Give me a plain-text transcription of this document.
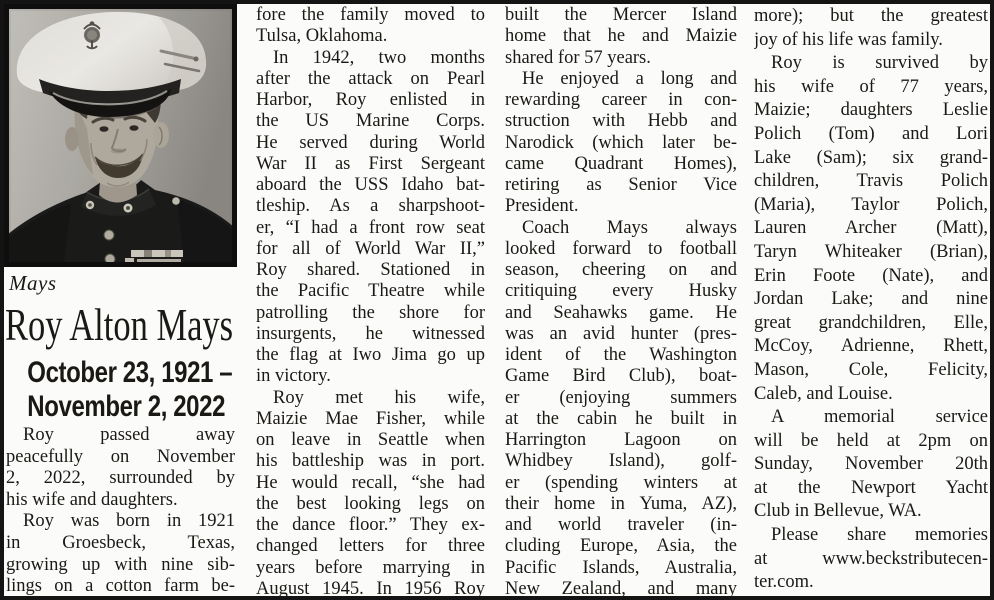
Mays
Roy Alton Mays
October 23, 1921 –
November 2, 2022
Roy passed away
peacefully on November
2, 2022, surrounded by
his wife and daughters.
Roy was born in 1921
in Groesbeck, Texas,
growing up with nine sib-
lings on a cotton farm be-
fore the family moved to
Tulsa, Oklahoma.
In 1942, two months
after the attack on Pearl
Harbor, Roy enlisted in
the US Marine Corps.
He served during World
War II as First Sergeant
aboard the USS Idaho bat-
tleship. As a sharpshoot-
er, “I had a front row seat
for all of World War II,”
Roy shared. Stationed in
the Pacific Theatre while
patrolling the shore for
insurgents, he witnessed
the flag at Iwo Jima go up
in victory.
Roy met his wife,
Maizie Mae Fisher, while
on leave in Seattle when
his battleship was in port.
He would recall, “she had
the best looking legs on
the dance floor.” They ex-
changed letters for three
years before marrying in
August 1945. In 1956 Roy
built the Mercer Island
home that he and Maizie
shared for 57 years.
He enjoyed a long and
rewarding career in con-
struction with Hebb and
Narodick (which later be-
came Quadrant Homes),
retiring as Senior Vice
President.
Coach Mays always
looked forward to football
season, cheering on and
critiquing every Husky
and Seahawks game. He
was an avid hunter (pres-
ident of the Washington
Game Bird Club), boat-
er (enjoying summers
at the cabin he built in
Harrington Lagoon on
Whidbey Island), golf-
er (spending winters at
their home in Yuma, AZ),
and world traveler (in-
cluding Europe, Asia, the
Pacific Islands, Australia,
New Zealand, and many
more); but the greatest
joy of his life was family.
Roy is survived by
his wife of 77 years,
Maizie; daughters Leslie
Polich (Tom) and Lori
Lake (Sam); six grand-
children, Travis Polich
(Maria), Taylor Polich,
Lauren Archer (Matt),
Taryn Whiteaker (Brian),
Erin Foote (Nate), and
Jordan Lake; and nine
great grandchildren, Elle,
McCoy, Adrienne, Rhett,
Mason, Cole, Felicity,
Caleb, and Louise.
A memorial service
will be held at 2pm on
Sunday, November 20th
at the Newport Yacht
Club in Bellevue, WA.
Please share memories
at www.beckstributecen-
ter.com.
